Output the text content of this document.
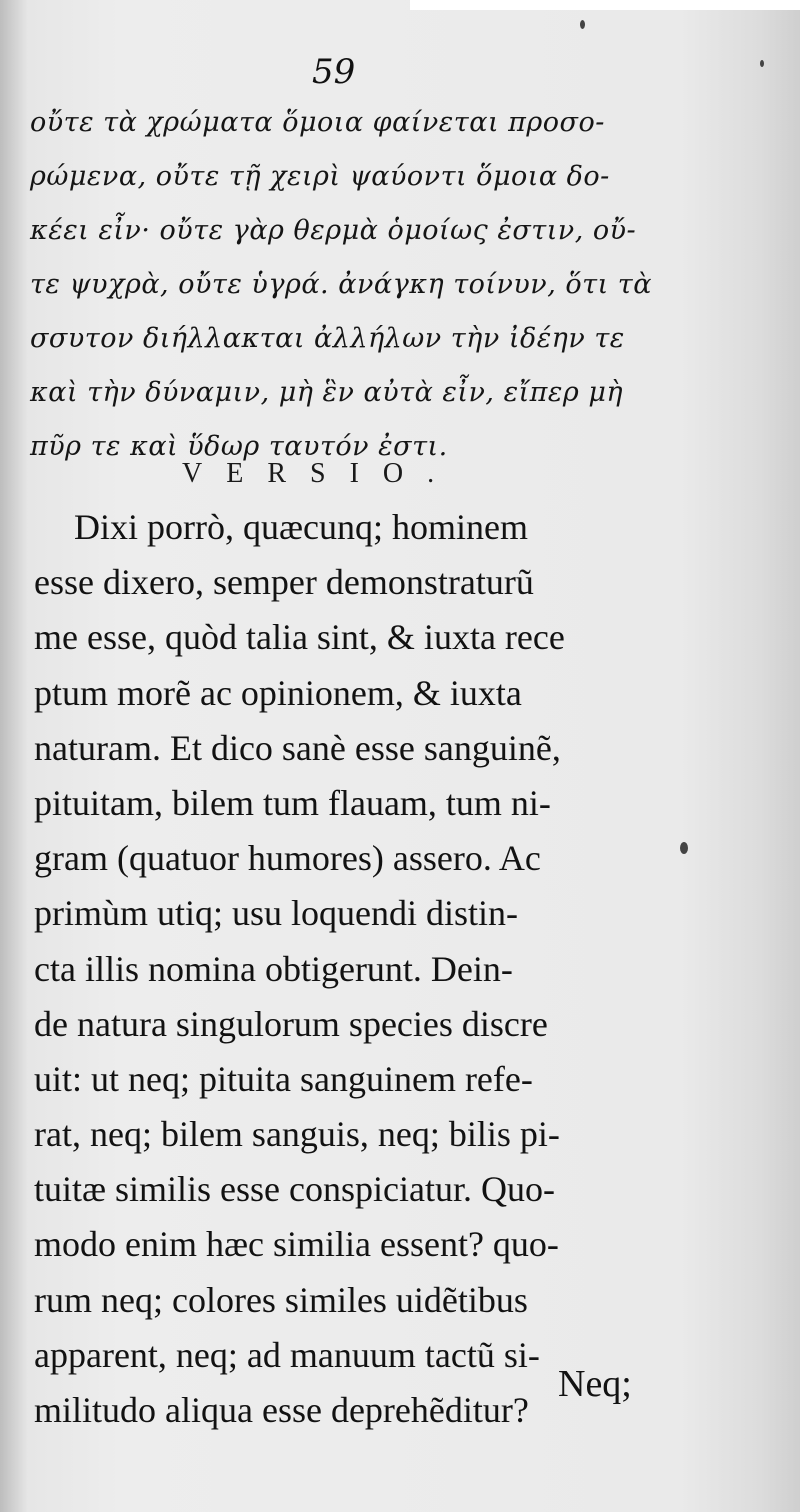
59
οὔτε τὰ χρώματα ὅμοια φαίνεται προσο-
ρώμενα, οὔτε τῇ χειρὶ ψαύοντι ὅμοια δο-
κέει εἶν· οὔτε γὰρ θερμὰ ὁμοίως ἐστιν, οὔ-
τε ψυχρὰ, οὔτε ὑγρά. ἀνάγκη τοίνυν, ὅτι τὰ
σσυτον διήλλακται ἀλλήλων τὴν ἰδέην τε
καὶ τὴν δύναμιν, μὴ ἓν αὐτὰ εἶν, εἴπερ μὴ
πῦρ τε καὶ ὕδωρ ταυτόν ἐστι.
VERSIO.
Dixi porrò, quæcunq; hominem
esse dixero, semper demonstraturũ
me esse, quòd talia sint, & iuxta rece
ptum morẽ ac opinionem, & iuxta
naturam. Et dico sanè esse sanguinẽ,
pituitam, bilem tum flauam, tum ni-
gram (quatuor humores) assero. Ac
primùm utiq; usu loquendi distin-
cta illis nomina obtigerunt. Dein-
de natura singulorum species discre
uit: ut neq; pituita sanguinem refe-
rat, neq; bilem sanguis, neq; bilis pi-
tuitæ similis esse conspiciatur. Quo-
modo enim hæc similia essent? quo-
rum neq; colores similes uidẽtibus
apparent, neq; ad manuum tactũ si-
militudo aliqua esse deprehẽditur?
Neq;
